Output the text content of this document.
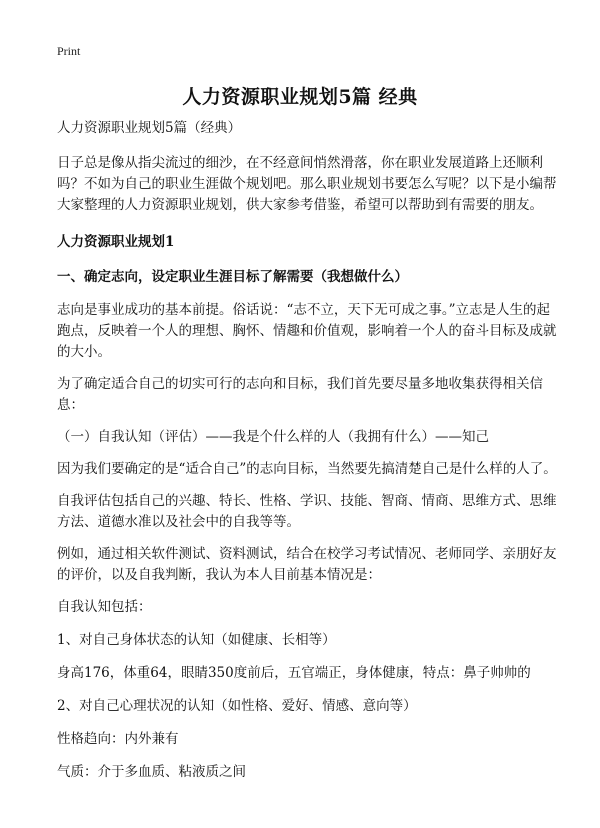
Print
人力资源职业规划5篇 经典

人力资源职业规划5篇（经典）

日子总是像从指尖流过的细沙，在不经意间悄然滑落，你在职业发展道路上还顺利吗？不如为自己的职业生涯做个规划吧。那么职业规划书要怎么写呢？以下是小编帮大家整理的人力资源职业规划，供大家参考借鉴，希望可以帮助到有需要的朋友。

人力资源职业规划1
一、确定志向，设定职业生涯目标了解需要（我想做什么）

志向是事业成功的基本前提。俗话说：“志不立，天下无可成之事。”立志是人生的起跑点，反映着一个人的理想、胸怀、情趣和价值观，影响着一个人的奋斗目标及成就的大小。

为了确定适合自己的切实可行的志向和目标，我们首先要尽量多地收集获得相关信息：

（一）自我认知（评估）——我是个什么样的人（我拥有什么）——知己

因为我们要确定的是“适合自己”的志向目标，当然要先搞清楚自己是什么样的人了。

自我评估包括自己的兴趣、特长、性格、学识、技能、智商、情商、思维方式、思维方法、道德水准以及社会中的自我等等。

例如，通过相关软件测试、资料测试，结合在校学习考试情况、老师同学、亲朋好友的评价，以及自我判断，我认为本人目前基本情况是：

自我认知包括：

1、对自己身体状态的认知（如健康、长相等）

身高176，体重64，眼睛350度前后，五官端正，身体健康，特点：鼻子帅帅的

2、对自己心理状况的认知（如性格、爱好、情感、意向等）

性格趋向：内外兼有

气质：介于多血质、粘液质之间
